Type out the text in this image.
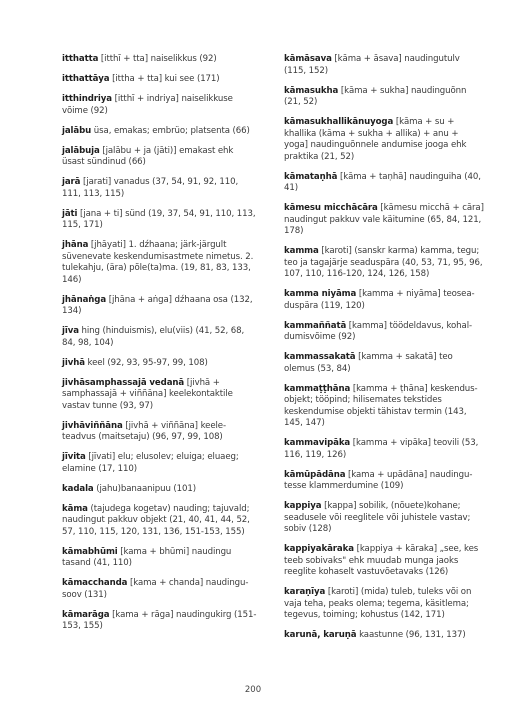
itthatta [itthī + tta] naiselikkus (92)

itthattāya [ittha + tta] kui see (171)

itthindriya [itthī + indriya] naiselikkuse võime (92)

jalābu üsa, emakas; embrüo; platsenta (66)

jalābuja [jalābu + ja (jāti)] emakast ehk üsast sündinud (66)

jarā [jarati] vanadus (37, 54, 91, 92, 110, 111, 113, 115)

jāti [jana + ti] sünd (19, 37, 54, 91, 110, 113, 115, 171)

jhāna [jhāyati] 1. dźhaana; järk-järgult süvenevate keskendumisastmete nimetus. 2. tulekahju, (ära) põle(ta)mа. (19, 81, 83, 133, 146)

jhānaṅga [jhāna + aṅga] dźhaana osa (132, 134)

jīva hing (hinduismis), elu(viis) (41, 52, 68, 84, 98, 104)

jivhā keel (92, 93, 95-97, 99, 108)

jivhāsamphassajā vedanā [jivhā + samphassajā + viññāna] keelekontaktile vastav tunne (93, 97)

jivhāviññāna [jivhā + viññāna] keele-teadvus (maitsetaju) (96, 97, 99, 108)

jīvita [jīvati] elu; elusolev; eluiga; eluaeg; elamine (17, 110)

kadala (jahu)banaanipuu (101)

kāma (tajudega kogetav) nauding; tajuvald; naudingut pakkuv objekt (21, 40, 41, 44, 52, 57, 110, 115, 120, 131, 136, 151-153, 155)

kāmabhūmi [kama + bhūmi] naudingu tasand (41, 110)

kāmacchanda [kama + chanda] naudingu-soov (131)

kāmarāga [kama + rāga] naudingukirg (151-153, 155)

kāmāsava [kāma + āsava] naudingutulv (115, 152)

kāmasukha [kāma + sukha] naudinguõnn (21, 52)

kāmasukhallikānuyoga [kāma + su + khallika (kāma + sukha + allika) + anu + yoga] naudinguõnnele andumise jooga ehk praktika (21, 52)

kāmataṇhā [kāma + taṇhā] naudinguiha (40, 41)

kāmesu micchācāra [kāmesu micchā + cāra] naudingut pakkuv vale käitumine (65, 84, 121, 178)

kamma [karoti] (sanskr karma) kamma, tegu; teo ja tagajärje seaduspära (40, 53, 71, 95, 96, 107, 110, 116-120, 124, 126, 158)

kamma niyāma [kamma + niyāma] teosea-duspära (119, 120)

kammaññatā [kamma] töödeldavus, kohal-dumisvõime (92)

kammassakatā [kamma + sakatā] teo olemus (53, 84)

kammaṭṭhāna [kamma + ṭhāna] keskendus-objekt; tööpind; hilisemates tekstides keskendumise objekti tähistav termin (143, 145, 147)

kammavipāka [kamma + vipāka] teovili (53, 116, 119, 126)

kāmūpādāna [kama + upādāna] naudingu-tesse klammerdumine (109)

kappiya [kappa] sobilik, (nõuete)kohane; seadusele või reeglitele või juhistele vastav; sobiv (128)

kappiyakāraka [kappiya + kāraka] „see, kes teeb sobivaks" ehk muudab munga jaoks reeglite kohaselt vastuvõetavaks (126)

karaṇīya [karoti] (mida) tuleb, tuleks või on vaja teha, peaks olema; tegema, käsitlema; tegevus, toiming; kohustus (142, 171)

karunā, karuṇā kaastunne (96, 131, 137)

200
